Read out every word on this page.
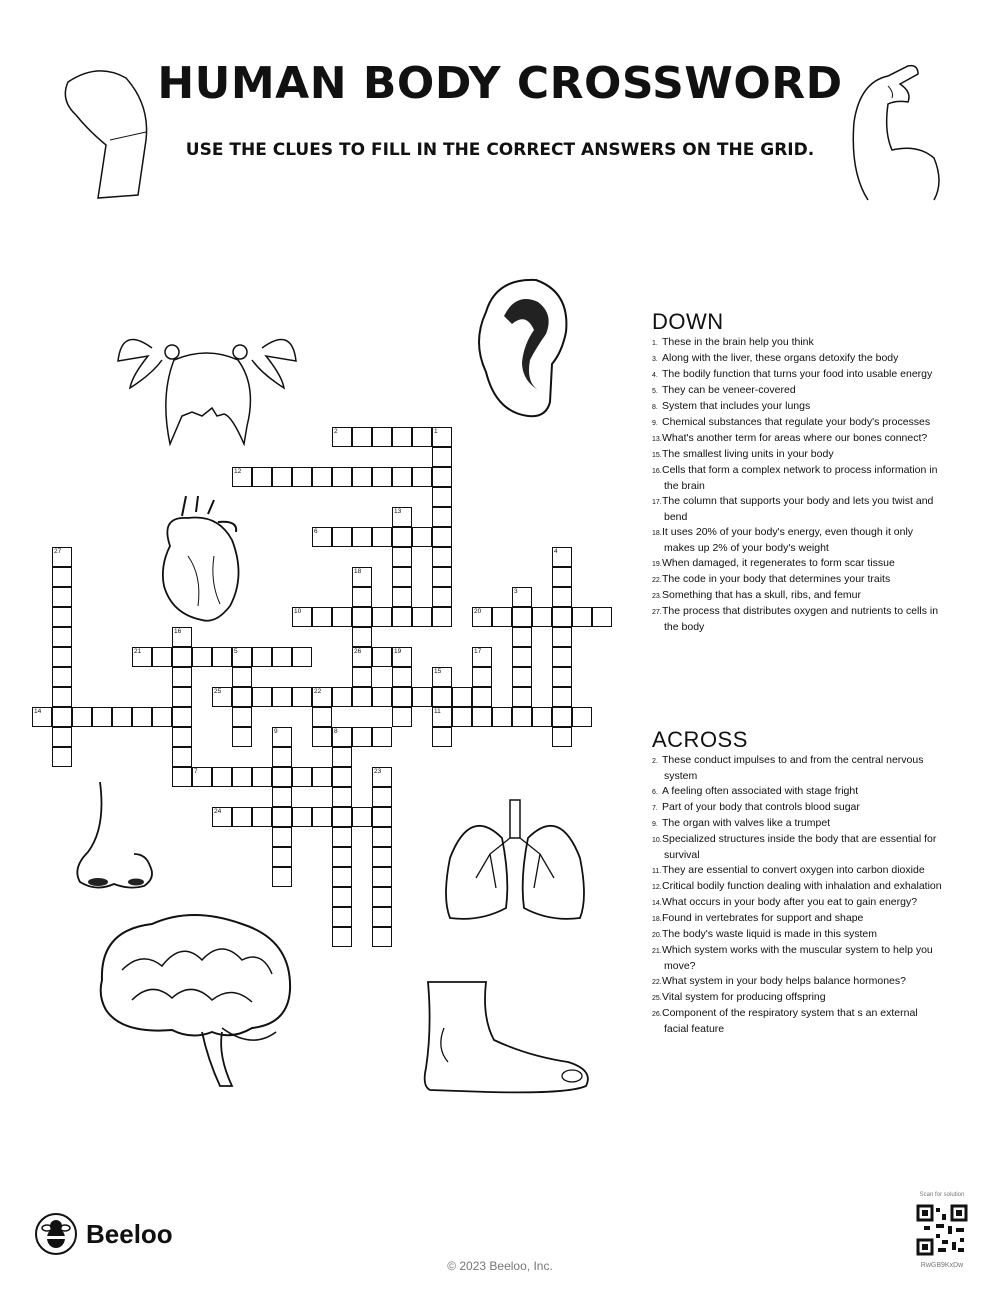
HUMAN BODY CROSSWORD
USE THE CLUES TO FILL IN THE CORRECT ANSWERS ON THE GRID.
2	1
12
13
6
27	4
18
26
3
10	20
16
21	5	19	17
15
11
25	22
14
9	8
7	23
24
DOWN
1. These in the brain help you think
3. Along with the liver, these organs detoxify the body
4. The bodily function that turns your food into usable energy
5. They can be veneer-covered
8. System that includes your lungs
9. Chemical substances that regulate your body's processes
13.What's another term for areas where our bones connect?
15.The smallest living units in your body
16.Cells that form a complex network to process information in the brain
17.The column that supports your body and lets you twist and bend
18.It uses 20% of your body's energy, even though it only makes up 2% of your body's weight
19.When damaged, it regenerates to form scar tissue
22.The code in your body that determines your traits
23.Something that has a skull, ribs, and femur
27.The process that distributes oxygen and nutrients to cells in the body
ACROSS
2. These conduct impulses to and from the central nervous system
6. A feeling often associated with stage fright
7. Part of your body that controls blood sugar
9. The organ with valves like a trumpet
10.Specialized structures inside the body that are essential for survival
11.They are essential to convert oxygen into carbon dioxide
12.Critical bodily function dealing with inhalation and exhalation
14.What occurs in your body after you eat to gain energy?
18.Found in vertebrates for support and shape
20.The body's waste liquid is made in this system
21.Which system works with the muscular system to help you move?
22.What system in your body helps balance hormones?
25.Vital system for producing offspring
26.Component of the respiratory system that s an external facial feature
Beeloo
© 2023 Beeloo, Inc.
Scan for solution
RwGB9KxDw
